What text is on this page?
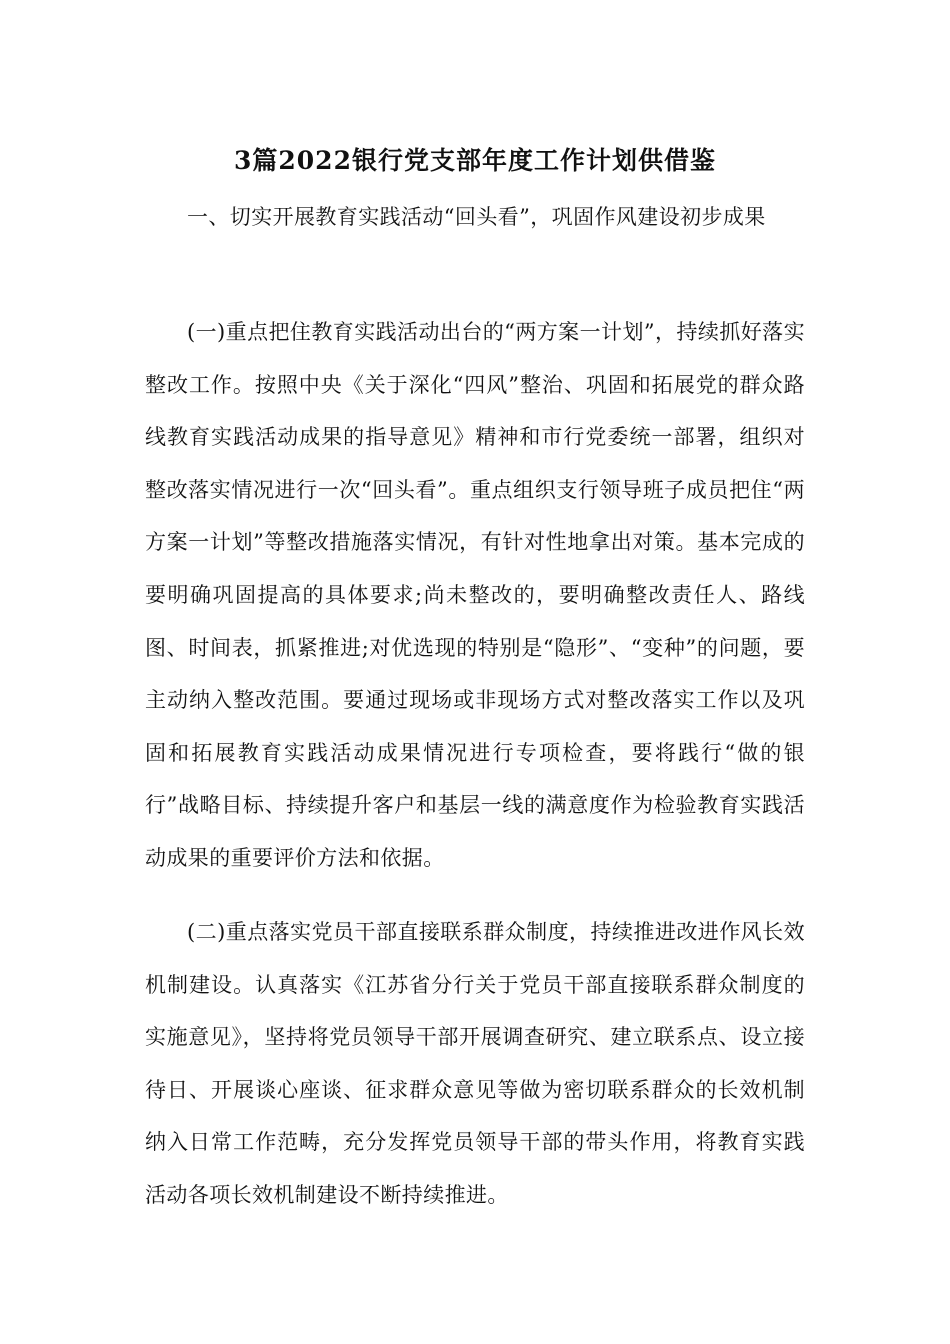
3篇2022银行党支部年度工作计划供借鉴

一、切实开展教育实践活动“回头看”，巩固作风建设初步成果

(一)重点把住教育实践活动出台的“两方案一计划”，持续抓好落实整改工作。按照中央《关于深化“四风”整治、巩固和拓展党的群众路线教育实践活动成果的指导意见》精神和市行党委统一部署，组织对整改落实情况进行一次“回头看”。重点组织支行领导班子成员把住“两方案一计划”等整改措施落实情况，有针对性地拿出对策。基本完成的要明确巩固提高的具体要求;尚未整改的，要明确整改责任人、路线图、时间表，抓紧推进;对优选现的特别是“隐形”、“变种”的问题，要主动纳入整改范围。要通过现场或非现场方式对整改落实工作以及巩固和拓展教育实践活动成果情况进行专项检查，要将践行“做的银行”战略目标、持续提升客户和基层一线的满意度作为检验教育实践活动成果的重要评价方法和依据。

(二)重点落实党员干部直接联系群众制度，持续推进改进作风长效机制建设。认真落实《江苏省分行关于党员干部直接联系群众制度的实施意见》，坚持将党员领导干部开展调查研究、建立联系点、设立接待日、开展谈心座谈、征求群众意见等做为密切联系群众的长效机制纳入日常工作范畴，充分发挥党员领导干部的带头作用，将教育实践活动各项长效机制建设不断持续推进。
